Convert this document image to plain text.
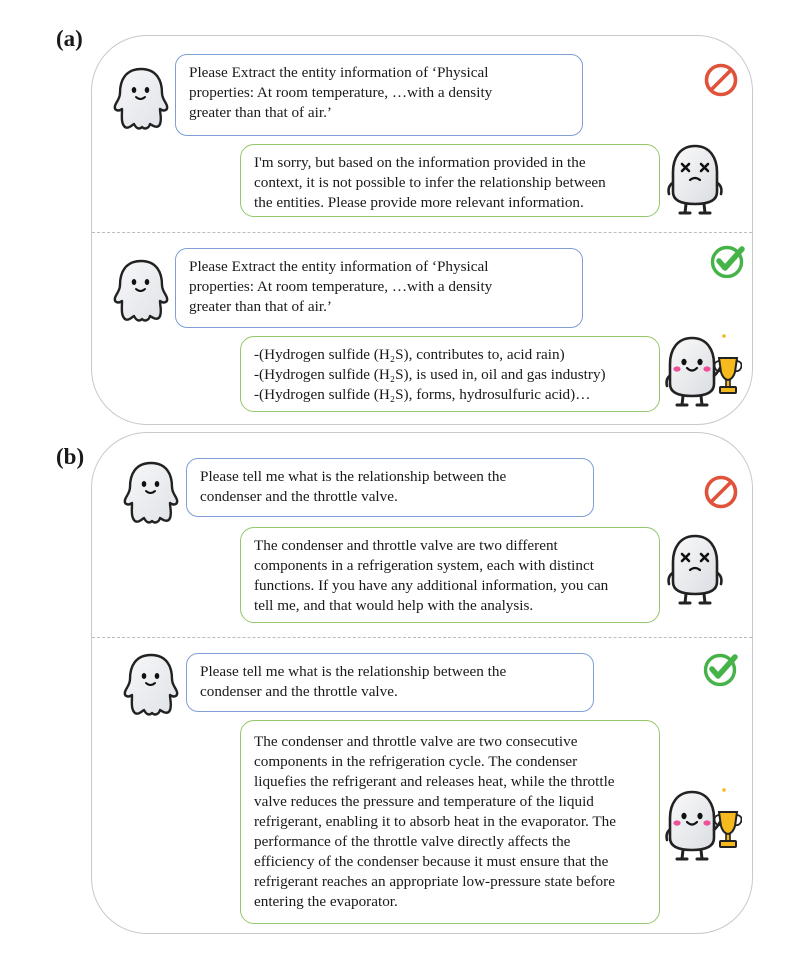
(a)
Please Extract the entity information of ‘Physical
properties: At room temperature, …with a density
greater than that of air.’
I'm sorry, but based on the information provided in the
context, it is not possible to infer the relationship between
the entities. Please provide more relevant information.
Please Extract the entity information of ‘Physical
properties: At room temperature, …with a density
greater than that of air.’
-(Hydrogen sulfide (H₂S), contributes to, acid rain)
-(Hydrogen sulfide (H₂S), is used in, oil and gas industry)
-(Hydrogen sulfide (H₂S), forms, hydrosulfuric acid)…
(b)
Please tell me what is the relationship between the
condenser and the throttle valve.
The condenser and throttle valve are two different
components in a refrigeration system, each with distinct
functions. If you have any additional information, you can
tell me, and that would help with the analysis.
Please tell me what is the relationship between the
condenser and the throttle valve.
The condenser and throttle valve are two consecutive
components in the refrigeration cycle. The condenser
liquefies the refrigerant and releases heat, while the throttle
valve reduces the pressure and temperature of the liquid
refrigerant, enabling it to absorb heat in the evaporator. The
performance of the throttle valve directly affects the
efficiency of the condenser because it must ensure that the
refrigerant reaches an appropriate low-pressure state before
entering the evaporator.
